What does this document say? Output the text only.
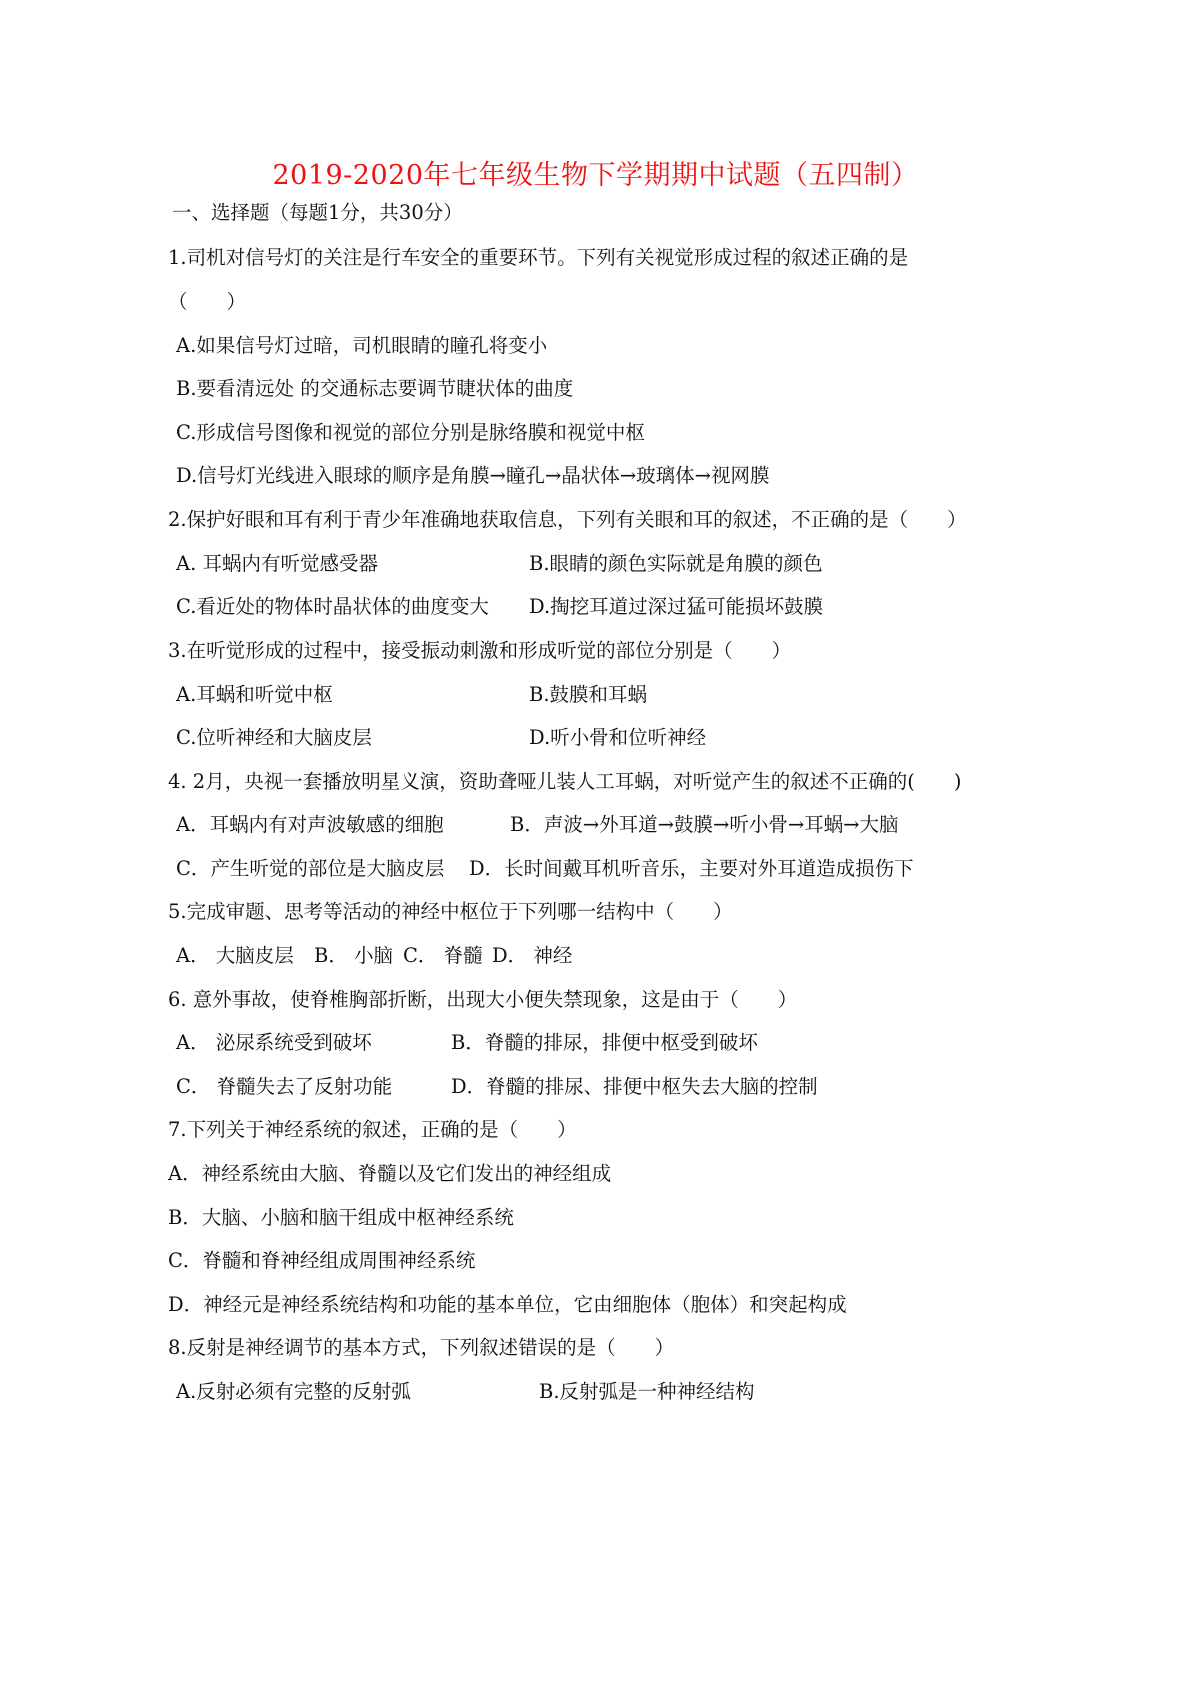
2019-2020年七年级生物下学期期中试题（五四制）
一、选择题（每题1分，共30分）
1.司机对信号灯的关注是行车安全的重要环节。下列有关视觉形成过程的叙述正确的是
（　　）
A.如果信号灯过暗，司机眼睛的瞳孔将变小
B.要看清远处 的交通标志要调节睫状体的曲度
C.形成信号图像和视觉的部位分别是脉络膜和视觉中枢
D.信号灯光线进入眼球的顺序是角膜→瞳孔→晶状体→玻璃体→视网膜
2.保护好眼和耳有利于青少年准确地获取信息，下列有关眼和耳的叙述，不正确的是（　　）
A. 耳蜗内有听觉感受器	B.眼睛的颜色实际就是角膜的颜色
C.看近处的物体时晶状体的曲度变大 D.掏挖耳道过深过猛可能损坏鼓膜
3.在听觉形成的过程中，接受振动刺激和形成听觉的部位分别是（　　）
A.耳蜗和听觉中枢	B.鼓膜和耳蜗
C.位听神经和大脑皮层	D.听小骨和位听神经
4. 2月，央视一套播放明星义演，资助聋哑儿装人工耳蜗，对听觉产生的叙述不正确的(　　)
A．耳蜗内有对声波敏感的细胞	B．声波→外耳道→鼓膜→听小骨→耳蜗→大脑
C．产生听觉的部位是大脑皮层 D．长时间戴耳机听音乐，主要对外耳道造成损伤下
5.完成审题、思考等活动的神经中枢位于下列哪一结构中（　　）
A． 大脑皮层 B． 小脑 C． 脊髓 D． 神经
6. 意外事故，使脊椎胸部折断，出现大小便失禁现象，这是由于（　　）
A． 泌尿系统受到破坏	B．脊髓的排尿，排便中枢受到破坏
C． 脊髓失去了反射功能	D．脊髓的排尿、排便中枢失去大脑的控制
7.下列关于神经系统的叙述，正确的是（　　）
A．神经系统由大脑、脊髓以及它们发出的神经组成
B．大脑、小脑和脑干组成中枢神经系统
C．脊髓和脊神经组成周围神经系统
D．神经元是神经系统结构和功能的基本单位，它由细胞体（胞体）和突起构成
8.反射是神经调节的基本方式，下列叙述错误的是（　　）
A.反射必须有完整的反射弧	B.反射弧是一种神经结构
